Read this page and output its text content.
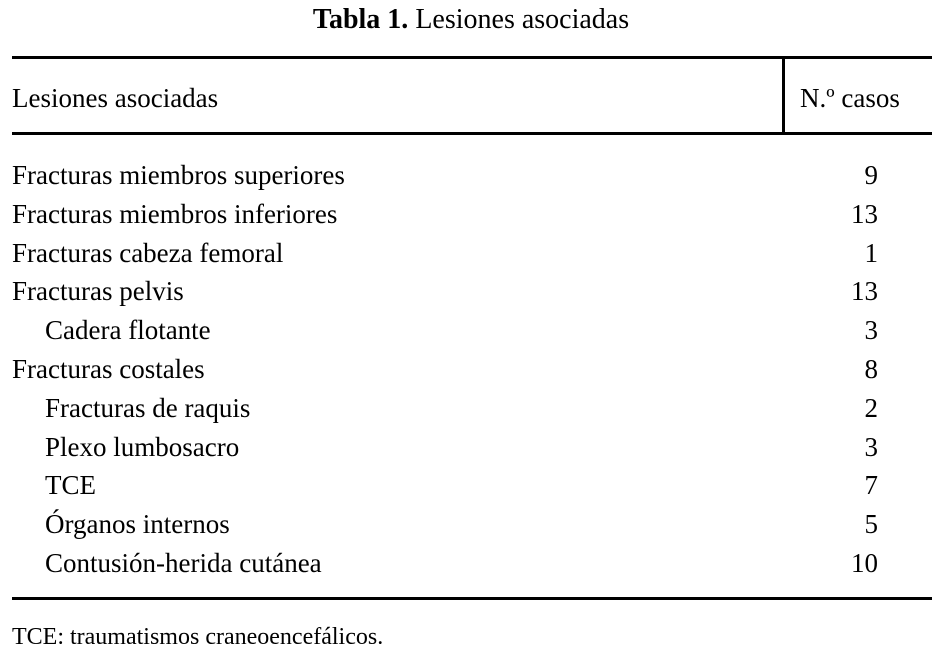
Tabla 1. Lesiones asociadas
Lesiones asociadas	N.º casos
Fracturas miembros superiores	9
Fracturas miembros inferiores	13
Fracturas cabeza femoral	1
Fracturas pelvis	13
Cadera flotante	3
Fracturas costales	8
Fracturas de raquis	2
Plexo lumbosacro	3
TCE	7
Órganos internos	5
Contusión-herida cutánea	10
TCE: traumatismos craneoencefálicos.
